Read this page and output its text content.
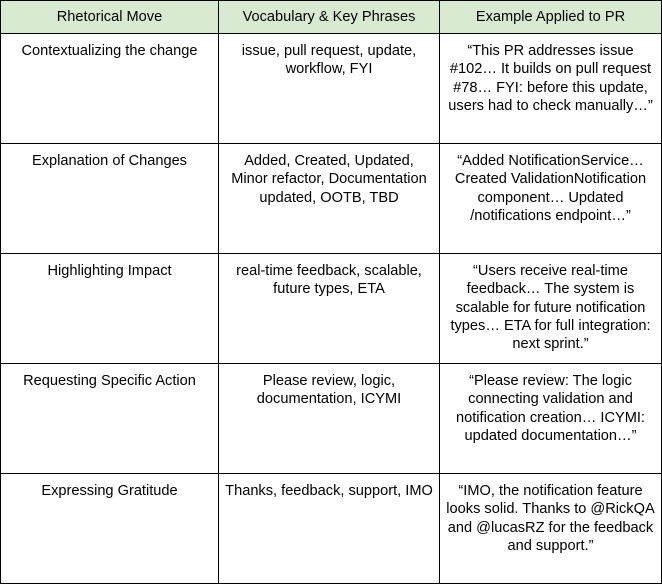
Rhetorical Move	Vocabulary & Key Phrases	Example Applied to PR
Contextualizing the change	issue, pull request, update, workflow, FYI	“This PR addresses issue #102… It builds on pull request #78… FYI: before this update, users had to check manually…”
Explanation of Changes	Added, Created, Updated, Minor refactor, Documentation updated, OOTB, TBD	“Added NotificationService… Created ValidationNotification component… Updated /notifications endpoint…”
Highlighting Impact	real-time feedback, scalable, future types, ETA	“Users receive real-time feedback… The system is scalable for future notification types… ETA for full integration: next sprint.”
Requesting Specific Action	Please review, logic, documentation, ICYMI	“Please review: The logic connecting validation and notification creation… ICYMI: updated documentation…”
Expressing Gratitude	Thanks, feedback, support, IMO	“IMO, the notification feature looks solid. Thanks to @RickQA and @lucasRZ for the feedback and support.”
